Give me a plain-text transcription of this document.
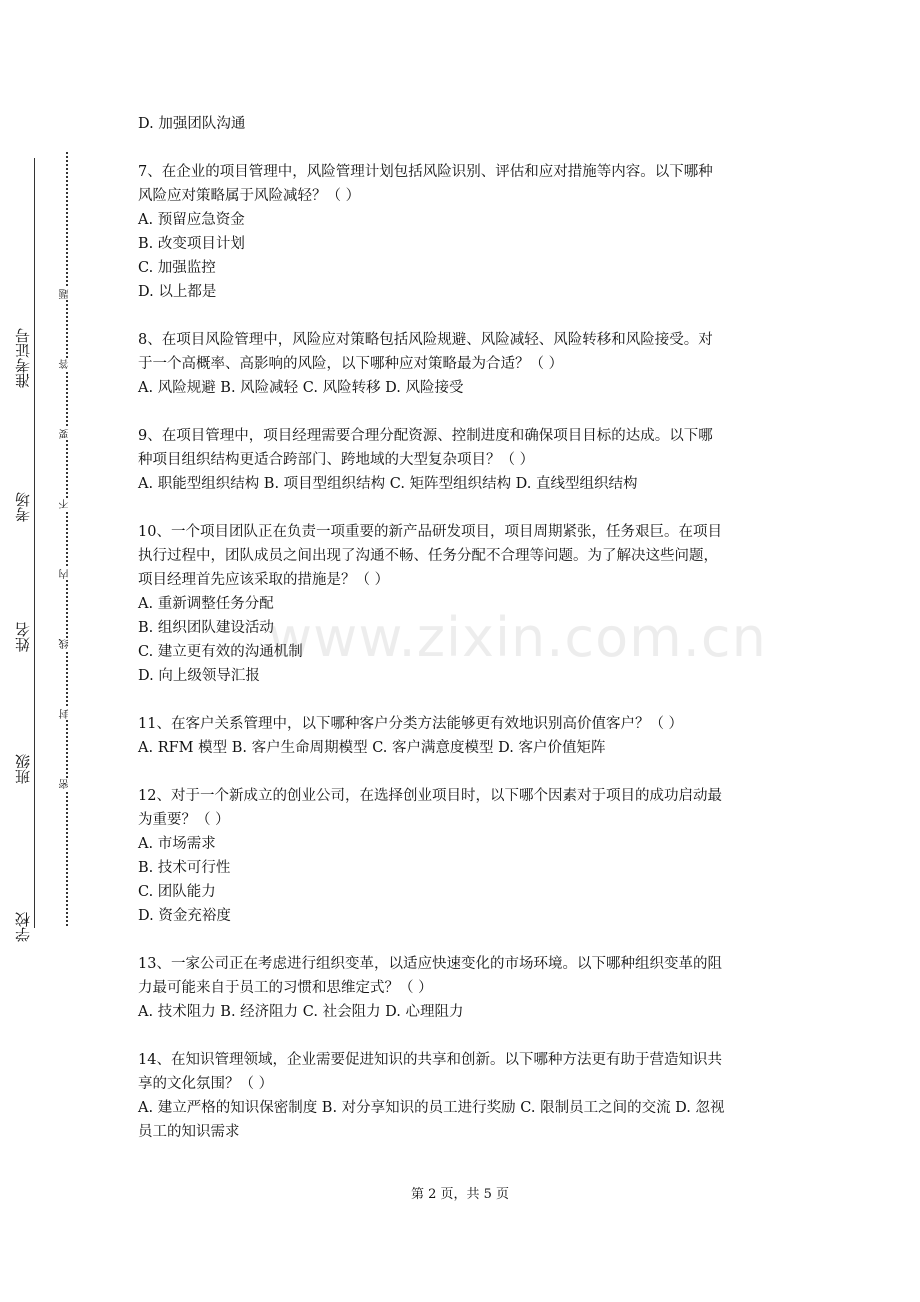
准考证号
考场
姓名
班级
学校
题
答
要
不
内
线
封
密
www.zixin.com.cn
D. 加强团队沟通
7、在企业的项目管理中，风险管理计划包括风险识别、评估和应对措施等内容。以下哪种
风险应对策略属于风险减轻？（ ）
A. 预留应急资金
B. 改变项目计划
C. 加强监控
D. 以上都是
8、在项目风险管理中，风险应对策略包括风险规避、风险减轻、风险转移和风险接受。对
于一个高概率、高影响的风险，以下哪种应对策略最为合适？（ ）
A. 风险规避 B. 风险减轻 C. 风险转移 D. 风险接受
9、在项目管理中，项目经理需要合理分配资源、控制进度和确保项目目标的达成。以下哪
种项目组织结构更适合跨部门、跨地域的大型复杂项目？（ ）
A. 职能型组织结构 B. 项目型组织结构 C. 矩阵型组织结构 D. 直线型组织结构
10、一个项目团队正在负责一项重要的新产品研发项目，项目周期紧张，任务艰巨。在项目
执行过程中，团队成员之间出现了沟通不畅、任务分配不合理等问题。为了解决这些问题，
项目经理首先应该采取的措施是？（ ）
A. 重新调整任务分配
B. 组织团队建设活动
C. 建立更有效的沟通机制
D. 向上级领导汇报
11、在客户关系管理中，以下哪种客户分类方法能够更有效地识别高价值客户？（ ）
A. RFM 模型 B. 客户生命周期模型 C. 客户满意度模型 D. 客户价值矩阵
12、对于一个新成立的创业公司，在选择创业项目时，以下哪个因素对于项目的成功启动最
为重要？（ ）
A. 市场需求
B. 技术可行性
C. 团队能力
D. 资金充裕度
13、一家公司正在考虑进行组织变革，以适应快速变化的市场环境。以下哪种组织变革的阻
力最可能来自于员工的习惯和思维定式？（ ）
A. 技术阻力 B. 经济阻力 C. 社会阻力 D. 心理阻力
14、在知识管理领域，企业需要促进知识的共享和创新。以下哪种方法更有助于营造知识共
享的文化氛围？（ ）
A. 建立严格的知识保密制度 B. 对分享知识的员工进行奖励 C. 限制员工之间的交流 D. 忽视
员工的知识需求
第 2 页，共 5 页
